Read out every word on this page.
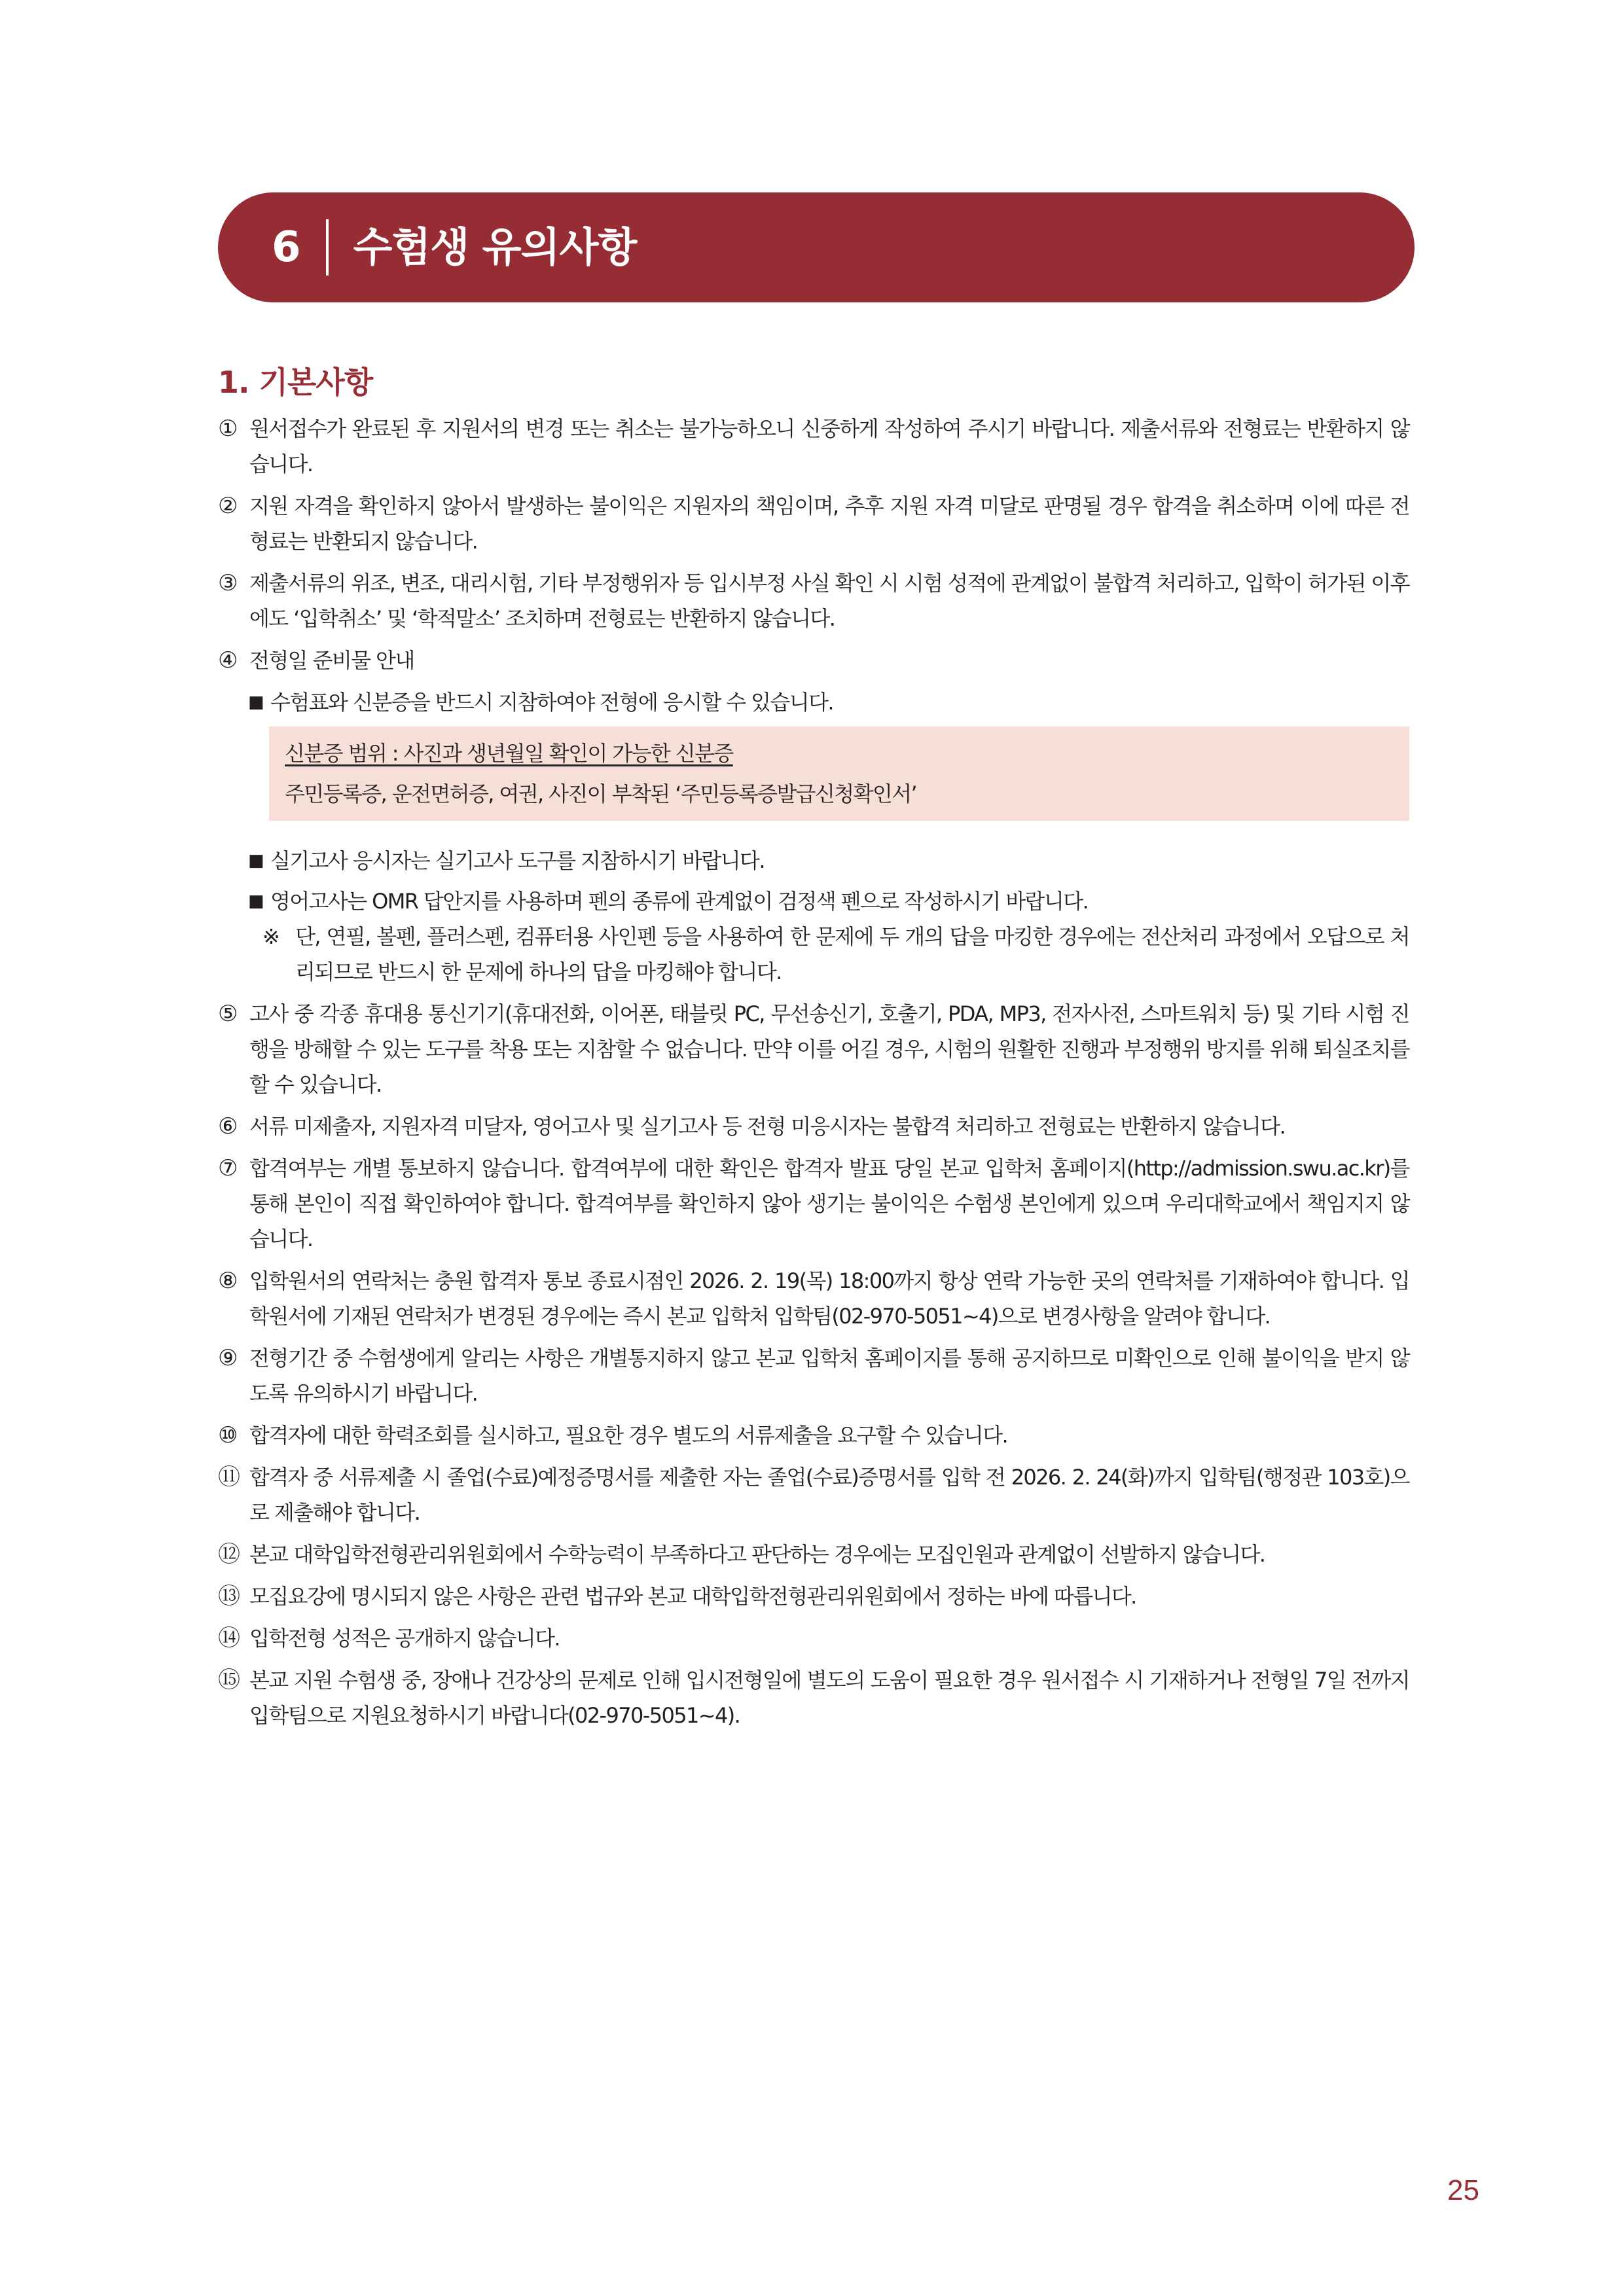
6 수험생 유의사항
1. 기본사항
① 원서접수가 완료된 후 지원서의 변경 또는 취소는 불가능하오니 신중하게 작성하여 주시기 바랍니다. 제출서류와 전형료는 반환하지 않습니다.
② 지원 자격을 확인하지 않아서 발생하는 불이익은 지원자의 책임이며, 추후 지원 자격 미달로 판명될 경우 합격을 취소하며 이에 따른 전형료는 반환되지 않습니다.
③ 제출서류의 위조, 변조, 대리시험, 기타 부정행위자 등 입시부정 사실 확인 시 시험 성적에 관계없이 불합격 처리하고, 입학이 허가된 이후에도 ‘입학취소’ 및 ‘학적말소’ 조치하며 전형료는 반환하지 않습니다.
④ 전형일 준비물 안내
■ 수험표와 신분증을 반드시 지참하여야 전형에 응시할 수 있습니다.
신분증 범위 : 사진과 생년월일 확인이 가능한 신분증
주민등록증, 운전면허증, 여권, 사진이 부착된 ‘주민등록증발급신청확인서’
■ 실기고사 응시자는 실기고사 도구를 지참하시기 바랍니다.
■ 영어고사는 OMR 답안지를 사용하며 펜의 종류에 관계없이 검정색 펜으로 작성하시기 바랍니다.
※ 단, 연필, 볼펜, 플러스펜, 컴퓨터용 사인펜 등을 사용하여 한 문제에 두 개의 답을 마킹한 경우에는 전산처리 과정에서 오답으로 처리되므로 반드시 한 문제에 하나의 답을 마킹해야 합니다.
⑤ 고사 중 각종 휴대용 통신기기(휴대전화, 이어폰, 태블릿 PC, 무선송신기, 호출기, PDA, MP3, 전자사전, 스마트워치 등) 및 기타 시험 진행을 방해할 수 있는 도구를 착용 또는 지참할 수 없습니다. 만약 이를 어길 경우, 시험의 원활한 진행과 부정행위 방지를 위해 퇴실조치를 할 수 있습니다.
⑥ 서류 미제출자, 지원자격 미달자, 영어고사 및 실기고사 등 전형 미응시자는 불합격 처리하고 전형료는 반환하지 않습니다.
⑦ 합격여부는 개별 통보하지 않습니다. 합격여부에 대한 확인은 합격자 발표 당일 본교 입학처 홈페이지(http://admission.swu.ac.kr)를 통해 본인이 직접 확인하여야 합니다. 합격여부를 확인하지 않아 생기는 불이익은 수험생 본인에게 있으며 우리대학교에서 책임지지 않습니다.
⑧ 입학원서의 연락처는 충원 합격자 통보 종료시점인 2026. 2. 19(목) 18:00까지 항상 연락 가능한 곳의 연락처를 기재하여야 합니다. 입학원서에 기재된 연락처가 변경된 경우에는 즉시 본교 입학처 입학팀(02-970-5051~4)으로 변경사항을 알려야 합니다.
⑨ 전형기간 중 수험생에게 알리는 사항은 개별통지하지 않고 본교 입학처 홈페이지를 통해 공지하므로 미확인으로 인해 불이익을 받지 않도록 유의하시기 바랍니다.
⑩ 합격자에 대한 학력조회를 실시하고, 필요한 경우 별도의 서류제출을 요구할 수 있습니다.
⑪ 합격자 중 서류제출 시 졸업(수료)예정증명서를 제출한 자는 졸업(수료)증명서를 입학 전 2026. 2. 24(화)까지 입학팀(행정관 103호)으로 제출해야 합니다.
⑫ 본교 대학입학전형관리위원회에서 수학능력이 부족하다고 판단하는 경우에는 모집인원과 관계없이 선발하지 않습니다.
⑬ 모집요강에 명시되지 않은 사항은 관련 법규와 본교 대학입학전형관리위원회에서 정하는 바에 따릅니다.
⑭ 입학전형 성적은 공개하지 않습니다.
⑮ 본교 지원 수험생 중, 장애나 건강상의 문제로 인해 입시전형일에 별도의 도움이 필요한 경우 원서접수 시 기재하거나 전형일 7일 전까지 입학팀으로 지원요청하시기 바랍니다(02-970-5051~4).
25
